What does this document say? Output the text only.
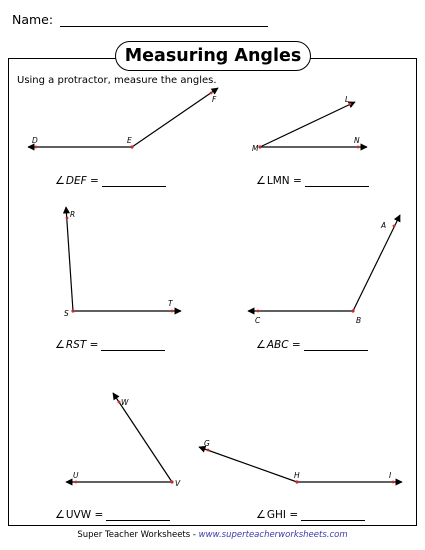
Name:
Measuring Angles
Using a protractor, measure the angles.
D	E
F	L
M
N
R
S
T
A
B
C
W
U
V
G
H	I
∠DEF =	∠LMN =
∠RST =	∠ABC =
∠UVW =	∠GHI =
Super Teacher Worksheets - www.superteacherworksheets.com
